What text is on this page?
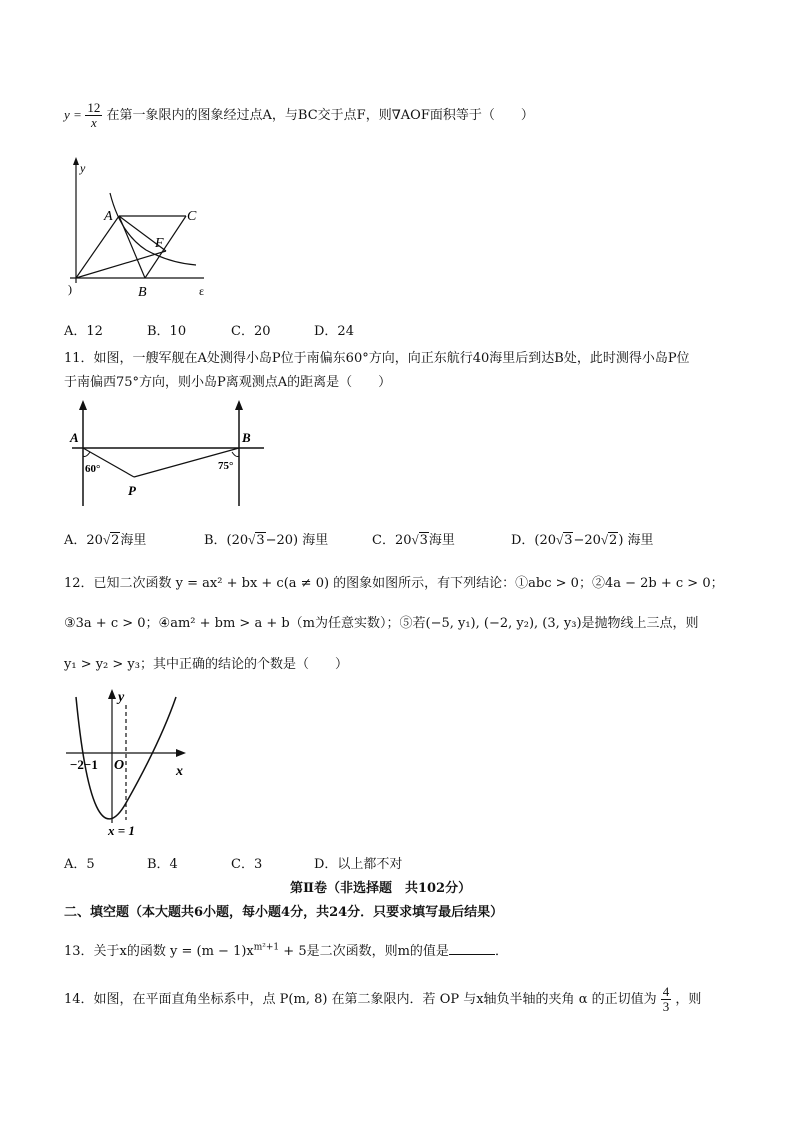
$y = \frac{12}{x}$ 在第一象限内的图象经过点A，与BC交于点F，则∇AOF面积等于（　　）
y
)	ɛ
A	C
F
B
A．12	B．10	C．20	D．24
11．如图，一艘军舰在A处测得小岛P位于南偏东60°方向，向正东航行40海里后到达B处，此时测得小岛P位
于南偏西75°方向，则小岛P离观测点A的距离是（　　）
A	B
P
60°	75°
A．20√2海里	B．(20√3−20) 海里	C．20√3海里	D．(20√3−20√2) 海里
12．已知二次函数 y = ax² + bx + c(a ≠ 0) 的图象如图所示，有下列结论：①abc > 0；②4a − 2b + c > 0；
③3a + c > 0；④am² + bm > a + b（m为任意实数）；⑤若(−5, y₁), (−2, y₂), (3, y₃)是抛物线上三点，则
y₁ > y₂ > y₃；其中正确的结论的个数是（　　）
y
x
O
−2−1
x = 1
A．5	B．4	C．3	D．以上都不对
第Ⅱ卷（非选择题　共102分）
二、填空题（本大题共6小题，每小题4分，共24分．只要求填写最后结果）
13．关于x的函数 $y = (m - 1)x^{m^2+1} + 5$是二次函数，则m的值是	．
14．如图，在平面直角坐标系中，点 P(m, 8) 在第二象限内．若 OP 与x轴负半轴的夹角 α 的正切值为 $\frac{4}{3}$ ，则
